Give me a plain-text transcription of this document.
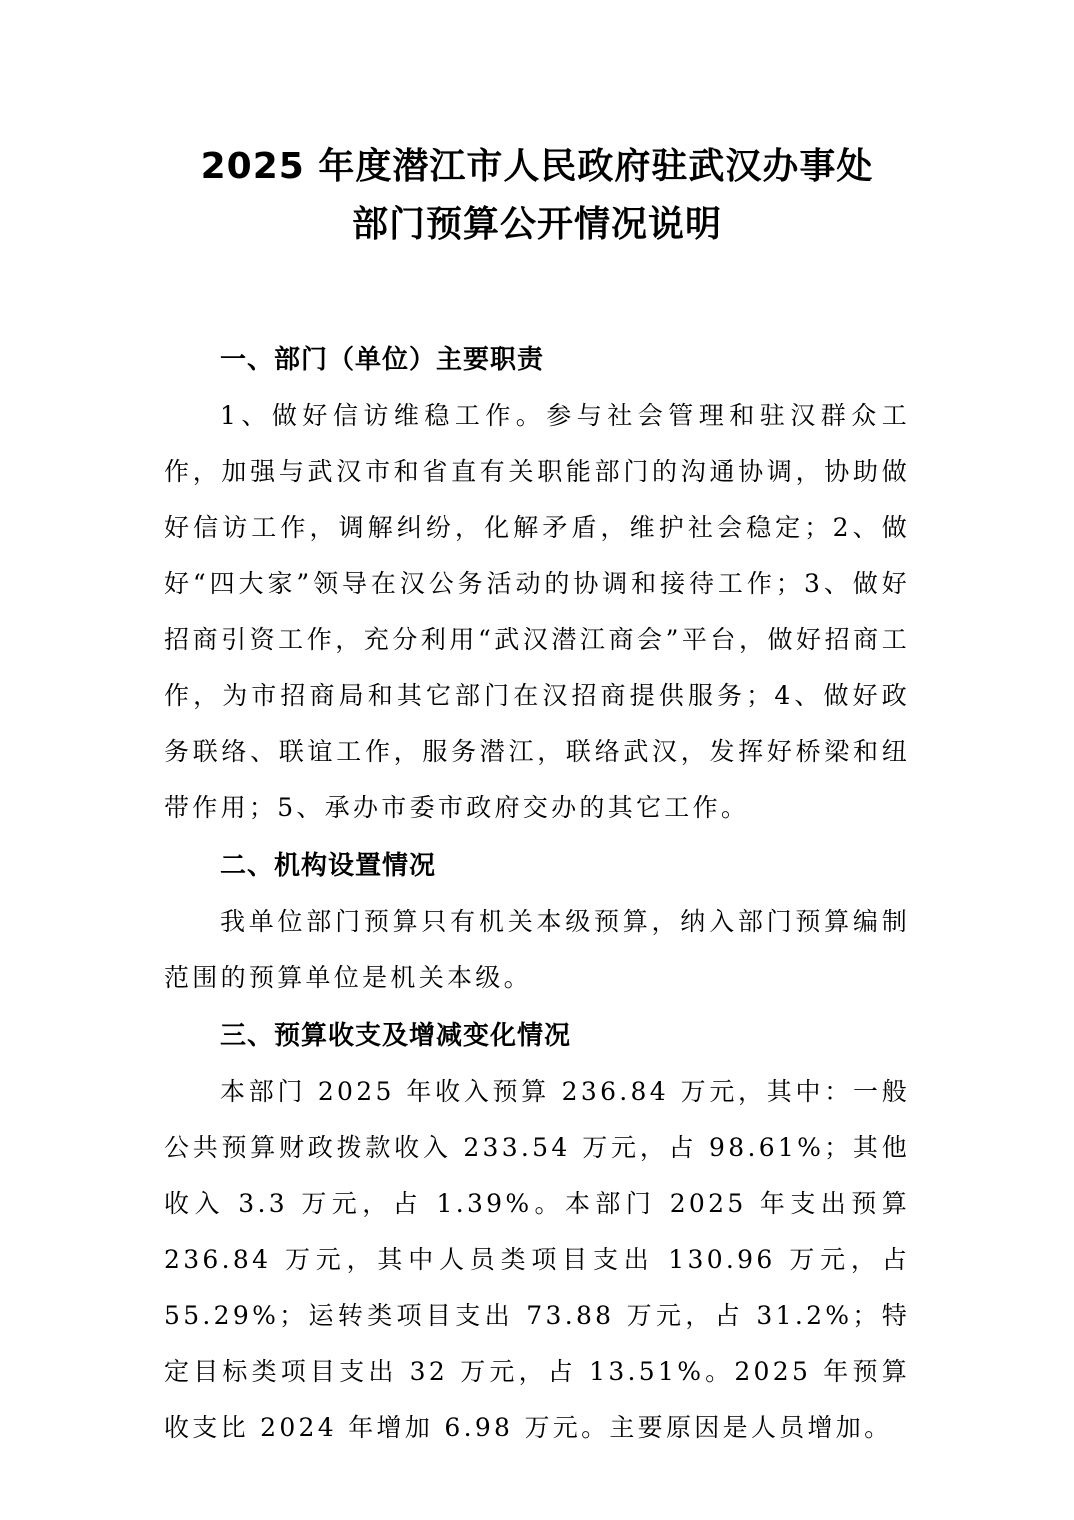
2025 年度潜江市人民政府驻武汉办事处
部门预算公开情况说明
一、部门（单位）主要职责

1、做好信访维稳工作。参与社会管理和驻汉群众工作，加强与武汉市和省直有关职能部门的沟通协调，协助做好信访工作，调解纠纷，化解矛盾，维护社会稳定；2、做好“四大家”领导在汉公务活动的协调和接待工作；3、做好招商引资工作，充分利用“武汉潜江商会”平台，做好招商工作，为市招商局和其它部门在汉招商提供服务；4、做好政务联络、联谊工作，服务潜江，联络武汉，发挥好桥梁和纽带作用；5、承办市委市政府交办的其它工作。

二、机构设置情况

我单位部门预算只有机关本级预算，纳入部门预算编制范围的预算单位是机关本级。

三、预算收支及增减变化情况

本部门 2025 年收入预算 236.84 万元，其中：一般公共预算财政拨款收入 233.54 万元，占 98.61%；其他收入 3.3 万元，占 1.39%。本部门 2025 年支出预算 236.84 万元，其中人员类项目支出 130.96 万元，占 55.29%；运转类项目支出 73.88 万元，占 31.2%；特定目标类项目支出 32 万元，占 13.51%。2025 年预算收支比 2024 年增加 6.98 万元。主要原因是人员增加。
